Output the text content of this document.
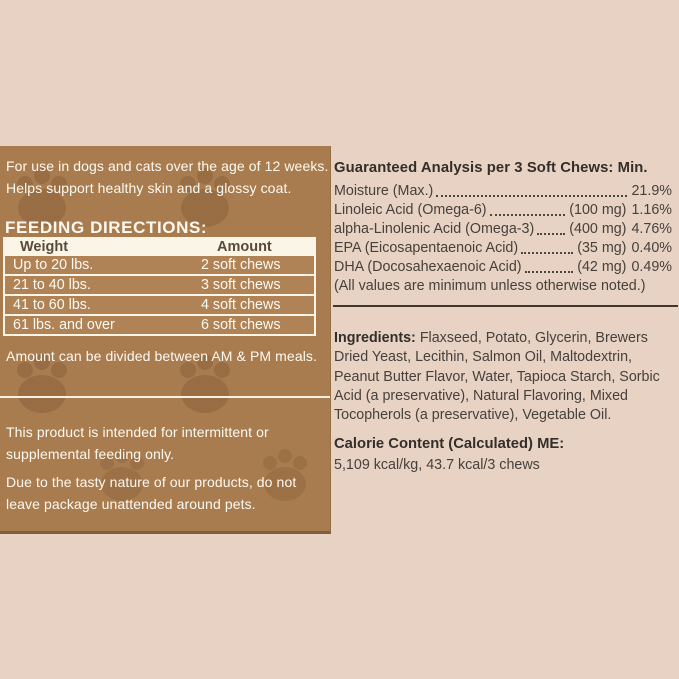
For use in dogs and cats over the age of 12 weeks.
Helps support healthy skin and a glossy coat.
FEEDING DIRECTIONS:
Weight	Amount
Up to 20 lbs.	2 soft chews
21 to 40 lbs.	3 soft chews
41 to 60 lbs.	4 soft chews
61 lbs. and over	6 soft chews
Amount can be divided between AM & PM meals.

This product is intended for intermittent or supplemental feeding only.

Due to the tasty nature of our products, do not leave package unattended around pets.

Guaranteed Analysis per 3 Soft Chews: Min.
Moisture (Max.)	21.9%
Linoleic Acid (Omega-6)	(100 mg) 1.16%
alpha-Linolenic Acid (Omega-3) (400 mg) 4.76%
EPA (Eicosapentaenoic Acid)	(35 mg) 0.40%
DHA (Docosahexaenoic Acid)	(42 mg) 0.49%

(All values are minimum unless otherwise noted.)

Ingredients: Flaxseed, Potato, Glycerin, Brewers Dried Yeast, Lecithin, Salmon Oil, Maltodextrin, Peanut Butter Flavor, Water, Tapioca Starch, Sorbic Acid (a preservative), Natural Flavoring, Mixed Tocopherols (a preservative), Vegetable Oil.

Calorie Content (Calculated) ME:

5,109 kcal/kg, 43.7 kcal/3 chews
